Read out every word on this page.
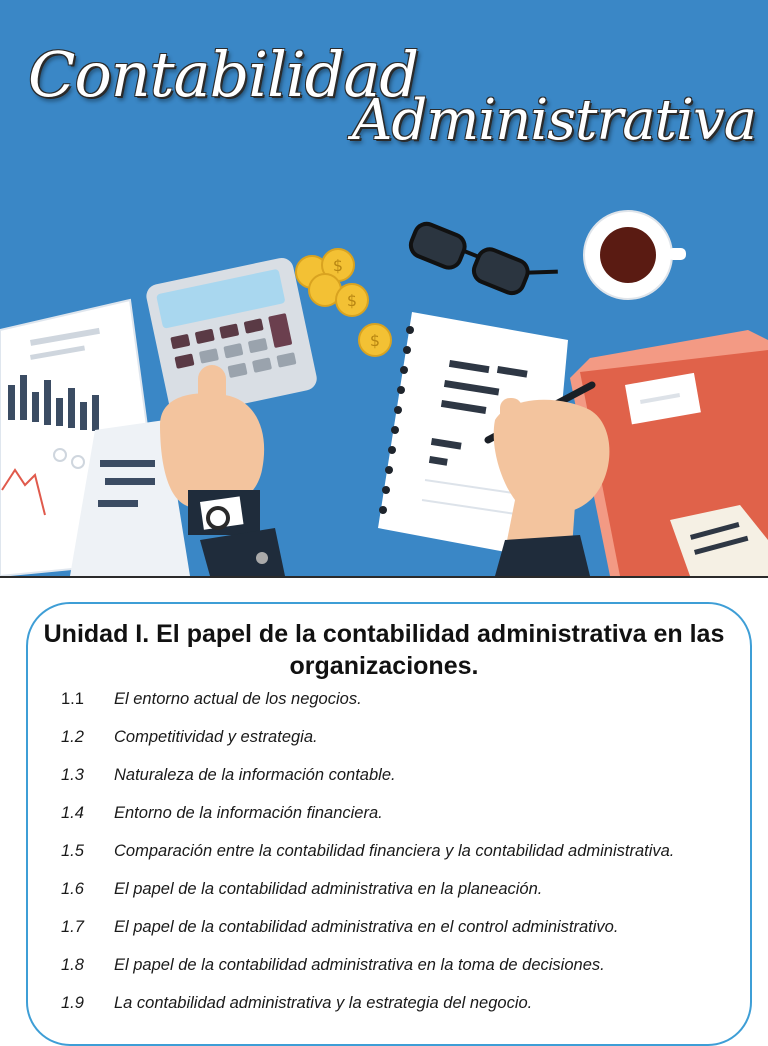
$
$
$
Contabilidad
Administrativa
Unidad I. El papel de la contabilidad administrativa en las organizaciones.
1.1 El entorno actual de los negocios.
1.2 Competitividad y estrategia.
1.3 Naturaleza de la información contable.
1.4 Entorno de la información financiera.
1.5 Comparación entre la contabilidad financiera y la contabilidad administrativa.
1.6 El papel de la contabilidad administrativa en la planeación.
1.7 El papel de la contabilidad administrativa en el control administrativo.
1.8 El papel de la contabilidad administrativa en la toma de decisiones.
1.9 La contabilidad administrativa y la estrategia del negocio.
